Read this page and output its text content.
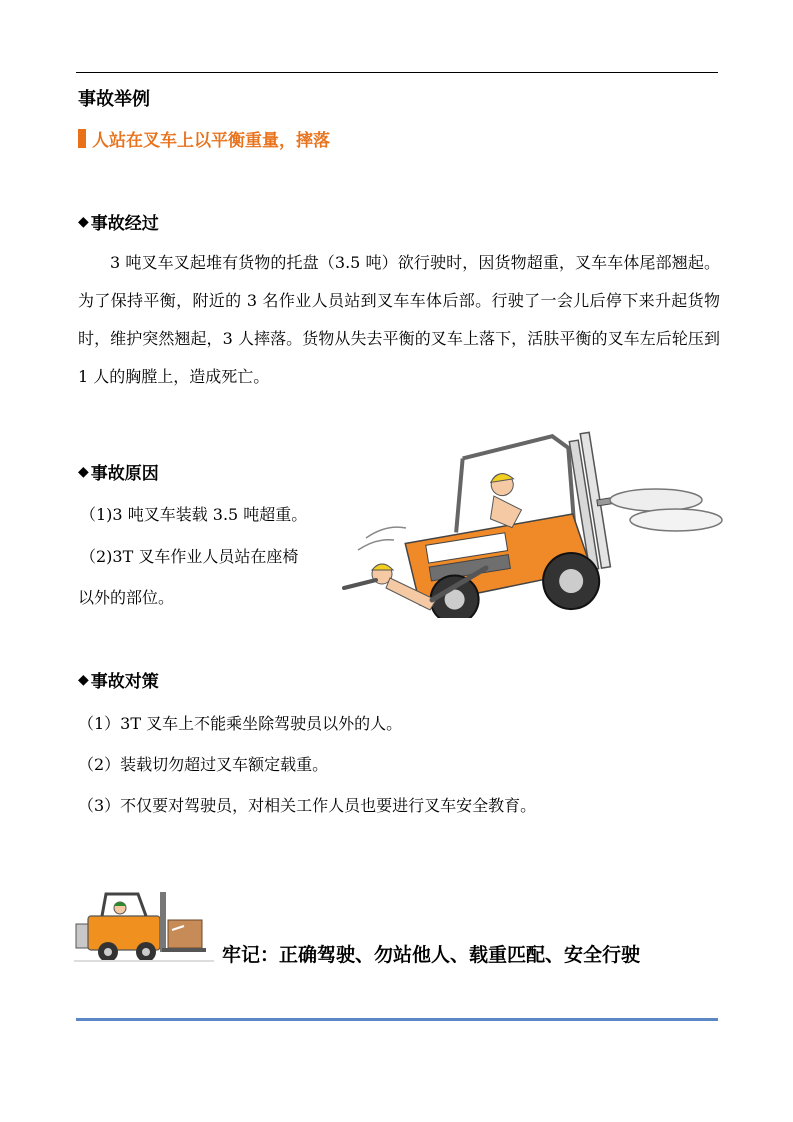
事故举例
人站在叉车上以平衡重量，摔落
◆ 事故经过
3 吨叉车叉起堆有货物的托盘（3.5 吨）欲行驶时，因货物超重，叉车车体尾部翘起。为了保持平衡，附近的 3 名作业人员站到叉车车体后部。行驶了一会儿后停下来升起货物时，维护突然翘起，3 人摔落。货物从失去平衡的叉车上落下，活肤平衡的叉车左后轮压到 1 人的胸膛上，造成死亡。
◆ 事故原因
（1)3 吨叉车装载 3.5 吨超重。
（2)3T 叉车作业人员站在座椅
以外的部位。
◆ 事故对策
（1）3T 叉车上不能乘坐除驾驶员以外的人。
（2）装载切勿超过叉车额定载重。
（3）不仅要对驾驶员，对相关工作人员也要进行叉车安全教育。
牢记：正确驾驶、勿站他人、载重匹配、安全行驶
